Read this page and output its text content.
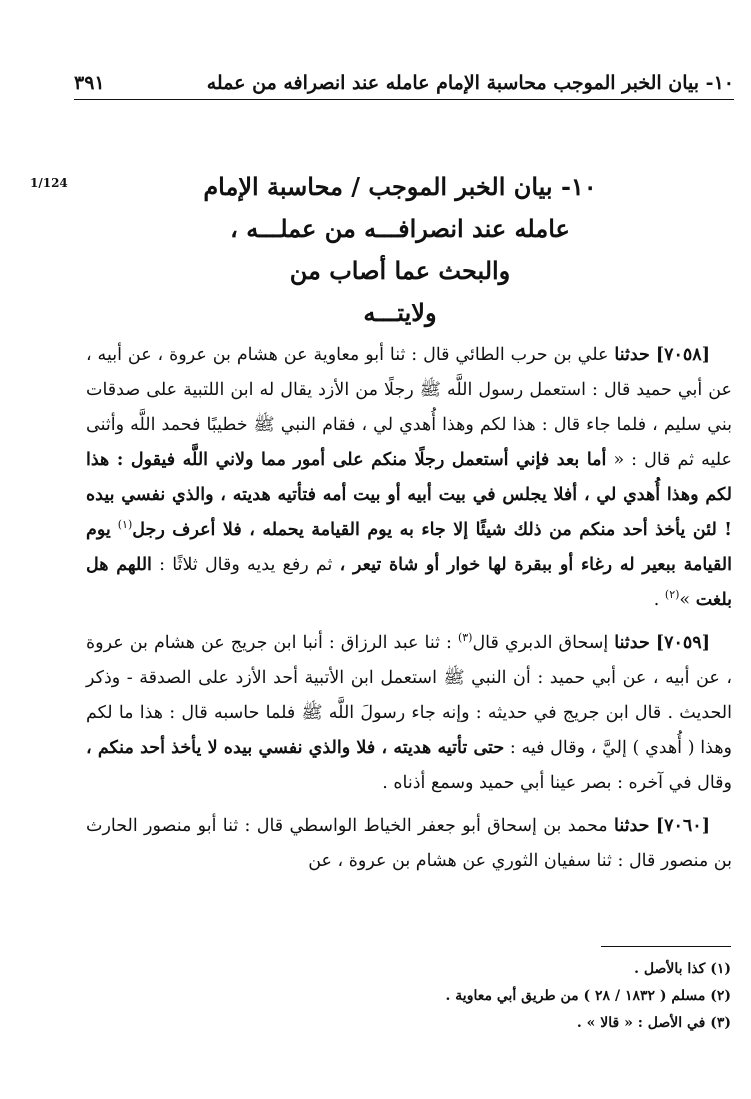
١٠- بيان الخبر الموجب محاسبة الإمام عامله عند انصرافه من عمله
٣٩١
1/124	١٠- بيان الخبر الموجب / محاسبة الإمام
عامله عند انصرافـــه من عملـــه ،
والبحث عما أصاب من
ولايتـــه

[٧٠٥٨] حدثنا علي بن حرب الطائي قال : ثنا أبو معاوية عن هشام بن عروة ، عن أبيه ، عن أبي حميد قال : استعمل رسول اللَّه ﷺ رجلًا من الأزد يقال له ابن اللتبية على صدقات بني سليم ، فلما جاء قال : هذا لكم وهذا أُهدي لي ، فقام النبي ﷺ خطيبًا فحمد اللَّه وأثنى عليه ثم قال : « أما بعد فإني أستعمل رجلًا منكم على أمور مما ولاني اللَّه فيقول : هذا لكم وهذا أُهدي لي ، أفلا يجلس في بيت أبيه أو بيت أمه فتأتيه هديته ، والذي نفسي بيده ! لئن يأخذ أحد منكم من ذلك شيئًا إلا جاء به يوم القيامة يحمله ، فلا أعرف رجل$^{(١)}$ يوم القيامة ببعير له رغاء أو ببقرة لها خوار أو شاة تيعر ، ثم رفع يديه وقال ثلاثًا : اللهم هل بلغت »$^{(٢)}$ .

[٧٠٥٩] حدثنا إسحاق الدبري قال$^{(٣)}$ : ثنا عبد الرزاق : أنبا ابن جريج عن هشام بن عروة ، عن أبيه ، عن أبي حميد : أن النبي ﷺ استعمل ابن الأتبية أحد الأزد على الصدقة - وذكر الحديث . قال ابن جريج في حديثه : وإنه جاء رسولَ اللَّه ﷺ فلما حاسبه قال : هذا ما لكم وهذا ( أُهدي ) إليَّ ، وقال فيه : حتى تأتيه هديته ، فلا والذي نفسي بيده لا يأخذ أحد منكم ، وقال في آخره : بصر عينا أبي حميد وسمع أذناه .

[٧٠٦٠] حدثنا محمد بن إسحاق أبو جعفر الخياط الواسطي قال : ثنا أبو منصور الحارث بن منصور قال : ثنا سفيان الثوري عن هشام بن عروة ، عن

(١) كذا بالأصل .
(٢) مسلم ( ١٨٣٢ / ٢٨ ) من طريق أبي معاوية .
(٣) في الأصل : « قالا » .
